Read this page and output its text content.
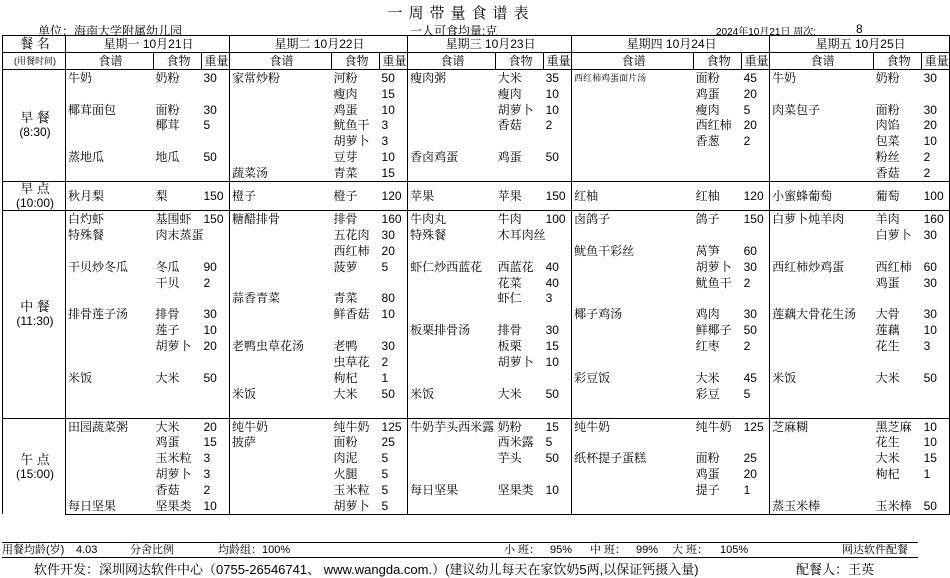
一周带量食谱表
单位：海南大学附属幼儿园	一人可食均量:克	2024年10月21日 周次:	8
餐 名	星期一 10月21日			星期二 10月22日			星期三 10月23日			星期四 10月24日			星期五 10月25日		
(用餐时间)	食谱	食物	重量	食谱	食物	重量	食谱	食物	重量	食谱	食物	重量	食谱	食物	重量

早 餐
(8:30)	牛奶	奶粉	30	家常炒粉	河粉	50	瘦肉粥	大米	35	西红柿鸡蛋面片汤	面粉	45	牛奶	奶粉	30
					瘦肉	15		瘦肉	10		鸡蛋	20			
	椰茸面包	面粉	30		鸡蛋	10		胡萝卜	10		瘦肉	5	肉菜包子	面粉	30
		椰茸	5		鱿鱼干	3		香菇	2		西红柿	20		肉馅	20
					胡萝卜	3					香葱	2		包菜	10
	蒸地瓜	地瓜	50		豆芽	10	香卤鸡蛋	鸡蛋	50					粉丝	2
				蔬菜汤	青菜	15								香菇	2

早 点
(10:00)	秋月梨	梨	150	橙子	橙子	120	苹果	苹果	150	红柚	红柚	120	小蜜蜂葡萄	葡萄	100

中 餐
(11:30)	白灼虾	基围虾	150	糖醋排骨	排骨	160	牛肉丸	牛肉	100	卤鸽子	鸽子	150	白萝卜炖羊肉	羊肉	160
	特殊餐	肉末蒸蛋			五花肉	30	特殊餐	木耳肉丝						白萝卜	30
					西红柿	20				鱿鱼干彩丝	莴笋	60			
	干贝炒冬瓜	冬瓜	90		菠萝	5	虾仁炒西蓝花	西蓝花	40		胡萝卜	30	西红柿炒鸡蛋	西红柿	60
		干贝	2					花菜	40		鱿鱼干	2		鸡蛋	30
				蒜香青菜	青菜	80		虾仁	3						
	排骨莲子汤	排骨	30		鲜香菇	10				椰子鸡汤	鸡肉	30	莲藕大骨花生汤	大骨	30
		莲子	10				板栗排骨汤	排骨	30		鲜椰子	50		莲藕	10
		胡萝卜	20	老鸭虫草花汤	老鸭	30		板栗	15		红枣	2		花生	3
					虫草花	2		胡萝卜	10						
	米饭	大米	50		枸杞	1				彩豆饭	大米	45	米饭	大米	50
				米饭	大米	50	米饭	大米	50		彩豆	5			

午 点
(15:00)	田园蔬菜粥	大米	20	纯牛奶	纯牛奶	125	牛奶芋头西米露	奶粉	15	纯牛奶	纯牛奶	125	芝麻糊	黑芝麻	10
		鸡蛋	15	披萨	面粉	25		西米露	5					花生	10
		玉米粒	3		肉泥	5		芋头	50	纸杯提子蛋糕	面粉	25		大米	15
		胡萝卜	3		火腿	5					鸡蛋	20		枸杞	1
		香菇	2		玉米粒	5	每日坚果	坚果类	10		提子	1			
	每日坚果	坚果类	10		胡萝卜	5							蒸玉米棒	玉米棒	50
用餐均龄(岁) 4.03	分舍比例	均龄组：100%	小 班： 95% 中 班： 99% 大 班： 105%	网达软件配餐
软件开发：深圳网达软件中心（0755-26546741、 www.wangda.com.）(建议幼儿每天在家饮奶5两,以保证钙摄入量)	配餐人：王英
